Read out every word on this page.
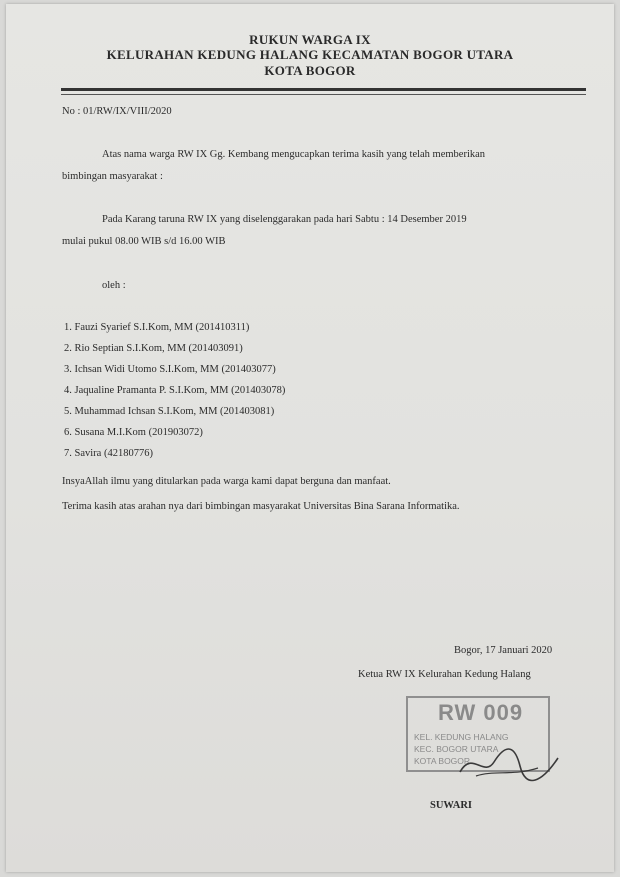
RUKUN WARGA IX
KELURAHAN KEDUNG HALANG KECAMATAN BOGOR UTARA
KOTA BOGOR
No : 01/RW/IX/VIII/2020
Atas nama warga RW IX Gg. Kembang mengucapkan terima kasih yang telah memberikan
bimbingan masyarakat :
Pada Karang taruna RW IX yang diselenggarakan pada hari Sabtu : 14 Desember 2019
mulai pukul 08.00 WIB s/d 16.00 WIB
oleh :
1. Fauzi Syarief S.I.Kom, MM (201410311)
2. Rio Septian S.I.Kom, MM (201403091)
3. Ichsan Widi Utomo S.I.Kom, MM (201403077)
4. Jaqualine Pramanta P. S.I.Kom, MM (201403078)
5. Muhammad Ichsan S.I.Kom, MM (201403081)
6. Susana M.I.Kom (201903072)
7. Savira (42180776)
InsyaAllah ilmu yang ditularkan pada warga kami dapat berguna dan manfaat.
Terima kasih atas arahan nya dari bimbingan masyarakat Universitas Bina Sarana Informatika.
Bogor, 17 Januari 2020
Ketua RW IX Kelurahan Kedung Halang
RW 009
KEL. KEDUNG HALANG
KEC. BOGOR UTARA
KOTA BOGOR
SUWARI
